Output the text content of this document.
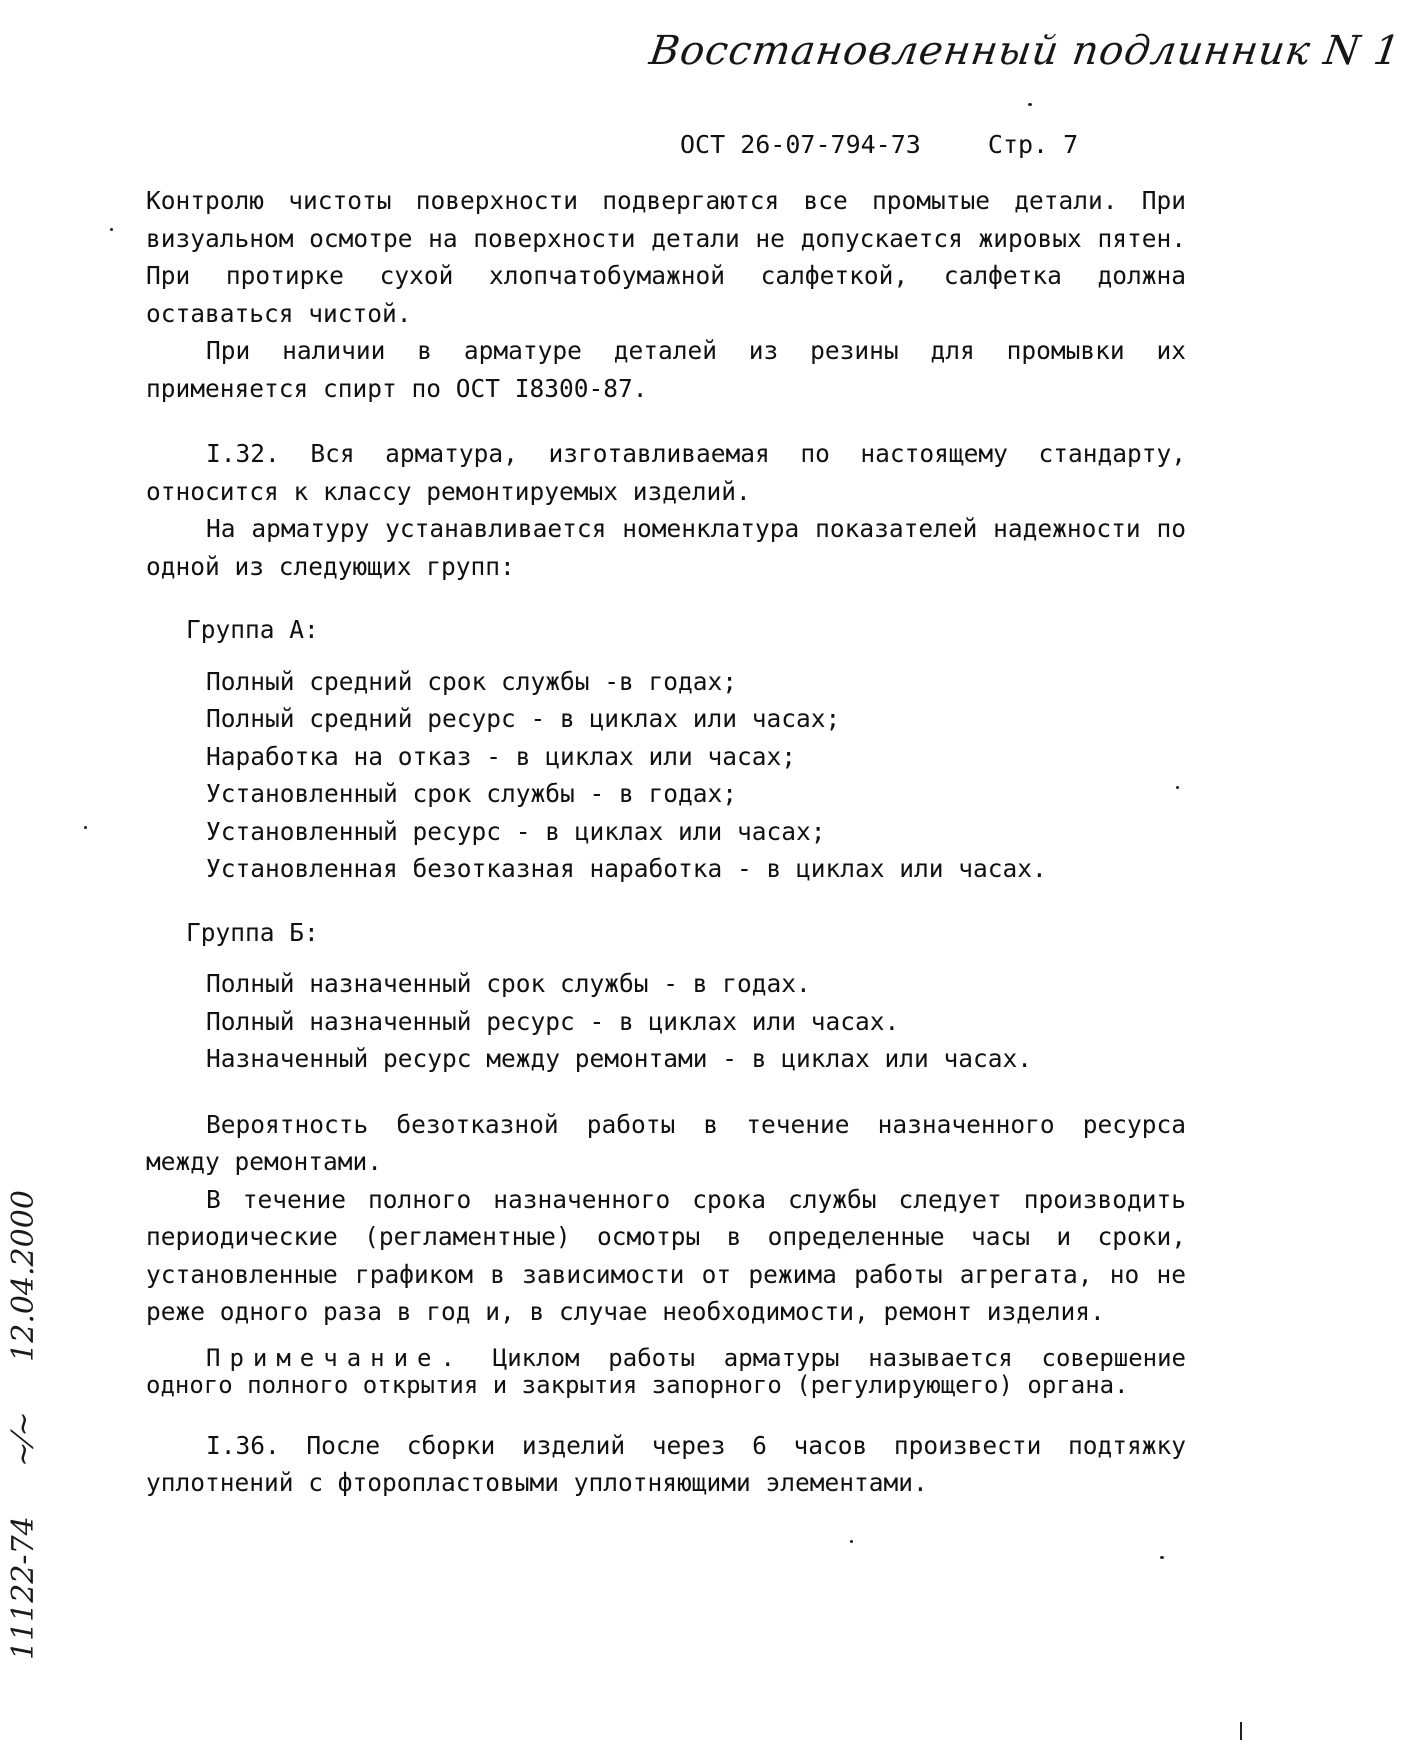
Восстановленный подлинник N 1
ОСТ 26-07-794-73	Стр. 7

Контролю чистоты поверхности подвергаются все промытые детали. При визуальном осмотре на поверхности детали не допускается жировых пятен. При протирке сухой хлопчатобумажной салфеткой, салфетка должна оставаться чистой.

При наличии в арматуре деталей из резины для промывки их применяется спирт по ОСТ I8300-87.

I.32. Вся арматура, изготавливаемая по настоящему стандарту, относится к классу ремонтируемых изделий.

На арматуру устанавливается номенклатура показателей надежности по одной из следующих групп:

Группа А:

Полный средний срок службы -в годах;

Полный средний ресурс - в циклах или часах;

Наработка на отказ - в циклах или часах;

Установленный срок службы - в годах;

Установленный ресурс - в циклах или часах;

Установленная безотказная наработка - в циклах или часах.

Группа Б:

Полный назначенный срок службы - в годах.

Полный назначенный ресурс - в циклах или часах.

Назначенный ресурс между ремонтами - в циклах или часах.

Вероятность безотказной работы в течение назначенного ресурса между ремонтами.

В течение полного назначенного срока службы следует производить периодические (регламентные) осмотры в определенные часы и сроки, установленные графиком в зависимости от режима работы агрегата, но не реже одного раза в год и, в случае необходимости, ремонт изделия.

Примечание. Циклом работы арматуры называется совершение одного полного открытия и закрытия запорного (регулирующего) органа.

I.36. После сборки изделий через 6 часов произвести подтяжку уплотнений с фторопластовыми уплотняющими элементами.

11122-74 ~⁄~ 12.04.2000
